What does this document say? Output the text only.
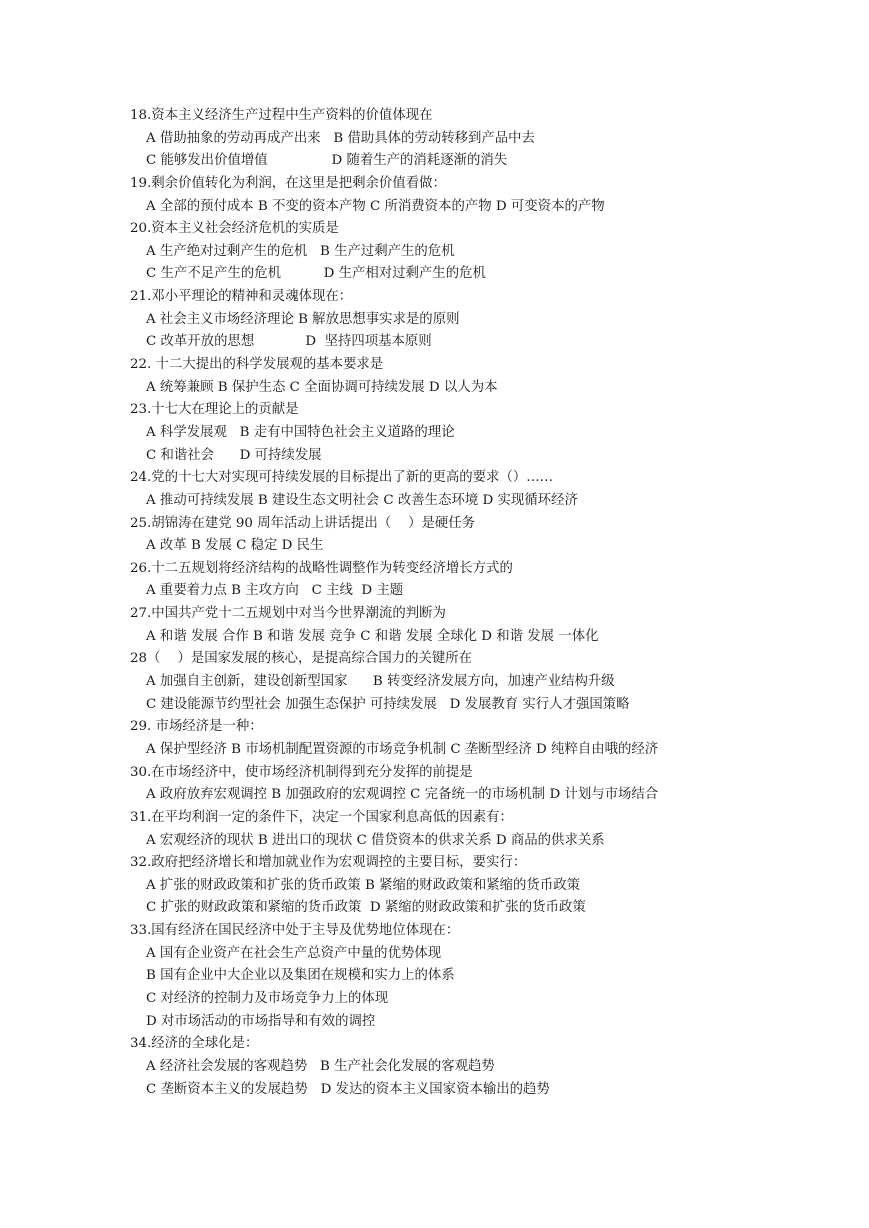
18.资本主义经济生产过程中生产资料的价值体现在
A 借助抽象的劳动再成产出来   B 借助具体的劳动转移到产品中去
C 能够发出价值增值               D 随着生产的消耗逐渐的消失
19.剩余价值转化为利润，在这里是把剩余价值看做：
A 全部的预付成本 B 不变的资本产物 C 所消费资本的产物 D 可变资本的产物
20.资本主义社会经济危机的实质是
A 生产绝对过剩产生的危机   B 生产过剩产生的危机
C 生产不足产生的危机          D 生产相对过剩产生的危机
21.邓小平理论的精神和灵魂体现在：
A 社会主义市场经济理论 B 解放思想事实求是的原则
C 改革开放的思想            D  坚持四项基本原则
22. 十二大提出的科学发展观的基本要求是
A 统筹兼顾 B 保护生态 C 全面协调可持续发展 D 以人为本
23.十七大在理论上的贡献是
A 科学发展观   B 走有中国特色社会主义道路的理论
C 和谐社会      D 可持续发展
24.党的十七大对实现可持续发展的目标提出了新的更高的要求（）……
A 推动可持续发展 B 建设生态文明社会 C 改善生态环境 D 实现循环经济
25.胡锦涛在建党 90 周年活动上讲话提出（    ）是硬任务
A 改革 B 发展 C 稳定 D 民生
26.十二五规划将经济结构的战略性调整作为转变经济增长方式的
A 重要着力点 B 主攻方向   C 主线  D 主题
27.中国共产党十二五规划中对当今世界潮流的判断为
A 和谐 发展 合作 B 和谐 发展 竞争 C 和谐 发展 全球化 D 和谐 发展 一体化
28（    ）是国家发展的核心，是提高综合国力的关键所在
A 加强自主创新，建设创新型国家      B 转变经济发展方向，加速产业结构升级
C 建设能源节约型社会 加强生态保护 可持续发展   D 发展教育 实行人才强国策略
29. 市场经济是一种：
A 保护型经济 B 市场机制配置资源的市场竞争机制 C 垄断型经济 D 纯粹自由哦的经济
30.在市场经济中，使市场经济机制得到充分发挥的前提是
A 政府放弃宏观调控 B 加强政府的宏观调控 C 完备统一的市场机制 D 计划与市场结合
31.在平均利润一定的条件下，决定一个国家利息高低的因素有：
A 宏观经济的现状 B 进出口的现状 C 借贷资本的供求关系 D 商品的供求关系
32.政府把经济增长和增加就业作为宏观调控的主要目标，要实行：
A 扩张的财政政策和扩张的货币政策 B 紧缩的财政政策和紧缩的货币政策
C 扩张的财政政策和紧缩的货币政策  D 紧缩的财政政策和扩张的货币政策
33.国有经济在国民经济中处于主导及优势地位体现在：
A 国有企业资产在社会生产总资产中量的优势体现
B 国有企业中大企业以及集团在规模和实力上的体系
C 对经济的控制力及市场竞争力上的体现
D 对市场活动的市场指导和有效的调控
34.经济的全球化是：
A 经济社会发展的客观趋势   B 生产社会化发展的客观趋势
C 垄断资本主义的发展趋势   D 发达的资本主义国家资本输出的趋势
